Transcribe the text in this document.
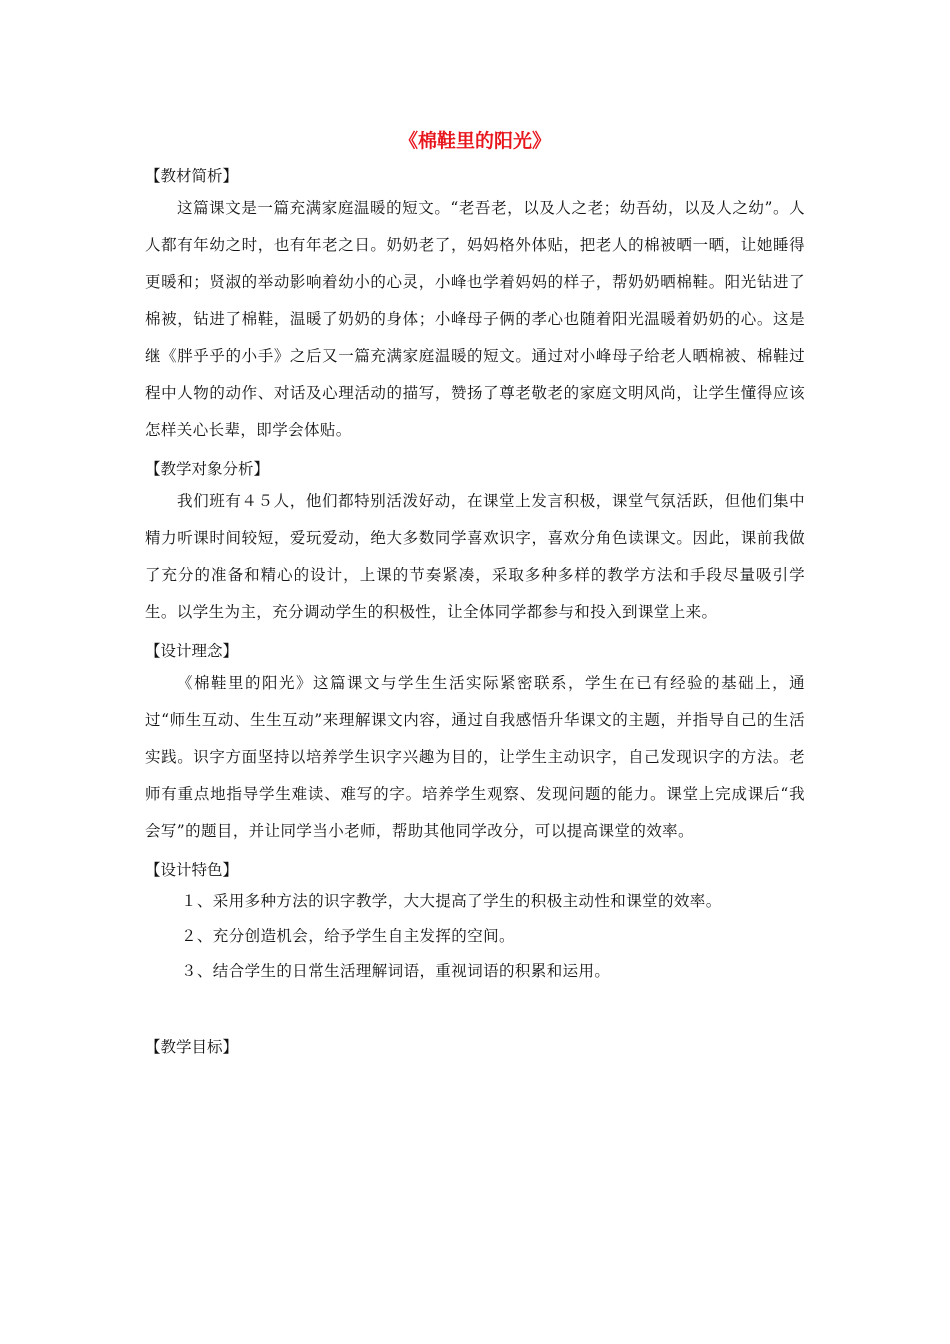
《棉鞋里的阳光》

【教材简析】

这篇课文是一篇充满家庭温暖的短文。“老吾老，以及人之老；幼吾幼，以及人之幼”。人人都有年幼之时，也有年老之日。奶奶老了，妈妈格外体贴，把老人的棉被晒一晒，让她睡得更暖和；贤淑的举动影响着幼小的心灵，小峰也学着妈妈的样子，帮奶奶晒棉鞋。阳光钻进了棉被，钻进了棉鞋，温暖了奶奶的身体；小峰母子俩的孝心也随着阳光温暖着奶奶的心。这是继《胖乎乎的小手》之后又一篇充满家庭温暖的短文。通过对小峰母子给老人晒棉被、棉鞋过程中人物的动作、对话及心理活动的描写，赞扬了尊老敬老的家庭文明风尚，让学生懂得应该怎样关心长辈，即学会体贴。

【教学对象分析】

我们班有４５人，他们都特别活泼好动，在课堂上发言积极，课堂气氛活跃，但他们集中精力听课时间较短，爱玩爱动，绝大多数同学喜欢识字，喜欢分角色读课文。因此，课前我做了充分的准备和精心的设计，上课的节奏紧凑，采取多种多样的教学方法和手段尽量吸引学生。以学生为主，充分调动学生的积极性，让全体同学都参与和投入到课堂上来。

【设计理念】

《棉鞋里的阳光》这篇课文与学生生活实际紧密联系，学生在已有经验的基础上，通过“师生互动、生生互动”来理解课文内容，通过自我感悟升华课文的主题，并指导自己的生活实践。识字方面坚持以培养学生识字兴趣为目的，让学生主动识字，自己发现识字的方法。老师有重点地指导学生难读、难写的字。培养学生观察、发现问题的能力。课堂上完成课后“我会写”的题目，并让同学当小老师，帮助其他同学改分，可以提高课堂的效率。

【设计特色】

１、采用多种方法的识字教学，大大提高了学生的积极主动性和课堂的效率。

２、充分创造机会，给予学生自主发挥的空间。

３、结合学生的日常生活理解词语，重视词语的积累和运用。

【教学目标】
